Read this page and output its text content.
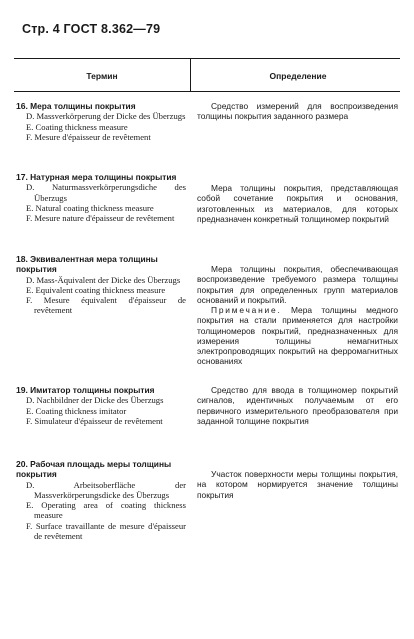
Стр. 4 ГОСТ 8.362—79
Термин	Определение
16. Мера толщины покрытия
D. Massverkörperung der Dicke des Überzugs
E. Coating thickness measure
F. Mesure d'épaisseur de revêtement
Средство измерений для воспроизведения толщины покрытия заданного размера
17. Натурная мера толщины покрытия
D. Naturmassverkörperungsdiche des Überzugs
E. Natural coating thickness measure
F. Mesure nature d'épaisseur de revêtement
Мера толщины покрытия, представляющая собой сочетание покрытия и основания, изготовленных из материалов, для которых предназначен конкретный толщиномер покрытий
18. Эквивалентная мера толщины покрытия
D. Mass-Äquivalent der Dicke des Überzugs
E. Equivalent coating thickness measure
F. Mesure équivalent d'épaisseur de revêtement
Мера толщины покрытия, обеспечивающая воспроизведение требуемого размера толщины покрытия для определенных групп материалов оснований и покрытий.
Примечание. Мера толщины медного покрытия на стали применяется для настройки толщиномеров покрытий, предназначенных для измерения толщины немагнитных электропроводящих покрытий на ферромагнитных основаниях
19. Имитатор толщины покрытия
D. Nachbildner der Dicke des Überzugs
E. Coating thickness imitator
F. Simulateur d'épaisseur de revêtement
Средство для ввода в толщиномер покрытий сигналов, идентичных получаемым от его первичного измерительного преобразователя при заданной толщине покрытия
20. Рабочая площадь меры толщины покрытия
D. Arbeitsoberfläche der Massverkörperungsdicke des Überzugs
E. Operating area of coating thickness measure
F. Surface travaillante de mesure d'épaisseur de revêtement
Участок поверхности меры толщины покрытия, на котором нормируется значение толщины покрытия
